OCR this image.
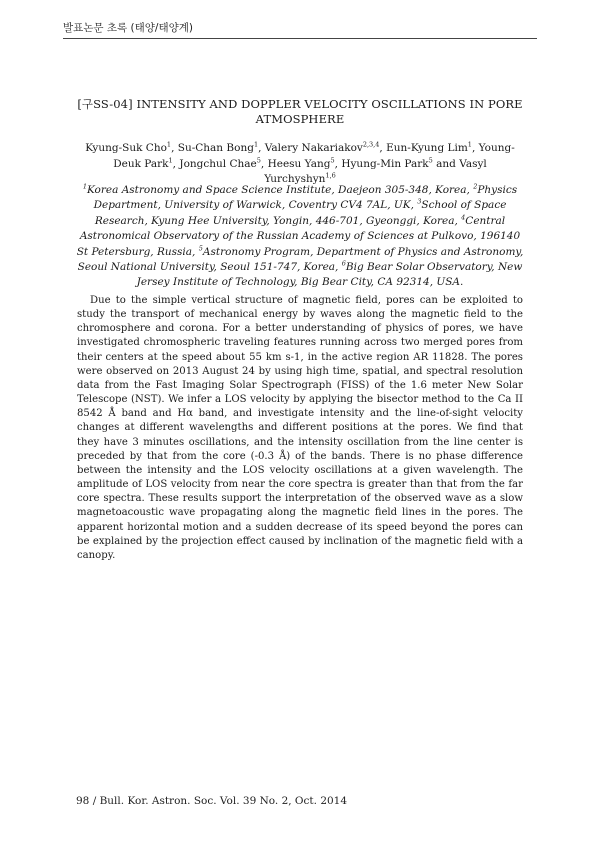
발표논문 초록 (태양/태양계)
[구SS-04] INTENSITY AND DOPPLER VELOCITY OSCILLATIONS IN PORE ATMOSPHERE
Kyung-Suk Cho$^1$, Su-Chan Bong$^1$, Valery Nakariakov$^{2,3,4}$, Eun-Kyung Lim$^1$, Young-Deuk Park$^1$, Jongchul Chae$^5$, Heesu Yang$^5$, Hyung-Min Park$^5$ and Vasyl Yurchyshyn$^{1,6}$
$^1$Korea Astronomy and Space Science Institute, Daejeon 305-348, Korea, $^2$Physics Department, University of Warwick, Coventry CV4 7AL, UK, $^3$School of Space Research, Kyung Hee University, Yongin, 446-701, Gyeonggi, Korea, $^4$Central Astronomical Observatory of the Russian Academy of Sciences at Pulkovo, 196140 St Petersburg, Russia, $^5$Astronomy Program, Department of Physics and Astronomy, Seoul National University, Seoul 151-747, Korea, $^6$Big Bear Solar Observatory, New Jersey Institute of Technology, Big Bear City, CA 92314, USA.

Due to the simple vertical structure of magnetic field, pores can be exploited to study the transport of mechanical energy by waves along the magnetic field to the chromosphere and corona. For a better understanding of physics of pores, we have investigated chromospheric traveling features running across two merged pores from their centers at the speed about 55 km s-1, in the active region AR 11828. The pores were observed on 2013 August 24 by using high time, spatial, and spectral resolution data from the Fast Imaging Solar Spectrograph (FISS) of the 1.6 meter New Solar Telescope (NST). We infer a LOS velocity by applying the bisector method to the Ca II 8542 Å band and Hα band, and investigate intensity and the line-of-sight velocity changes at different wavelengths and different positions at the pores. We find that they have 3 minutes oscillations, and the intensity oscillation from the line center is preceded by that from the core (-0.3 Å) of the bands. There is no phase difference between the intensity and the LOS velocity oscillations at a given wavelength. The amplitude of LOS velocity from near the core spectra is greater than that from the far core spectra. These results support the interpretation of the observed wave as a slow magnetoacoustic wave propagating along the magnetic field lines in the pores. The apparent horizontal motion and a sudden decrease of its speed beyond the pores can be explained by the projection effect caused by inclination of the magnetic field with a canopy.

98 / Bull. Kor. Astron. Soc. Vol. 39 No. 2, Oct. 2014
